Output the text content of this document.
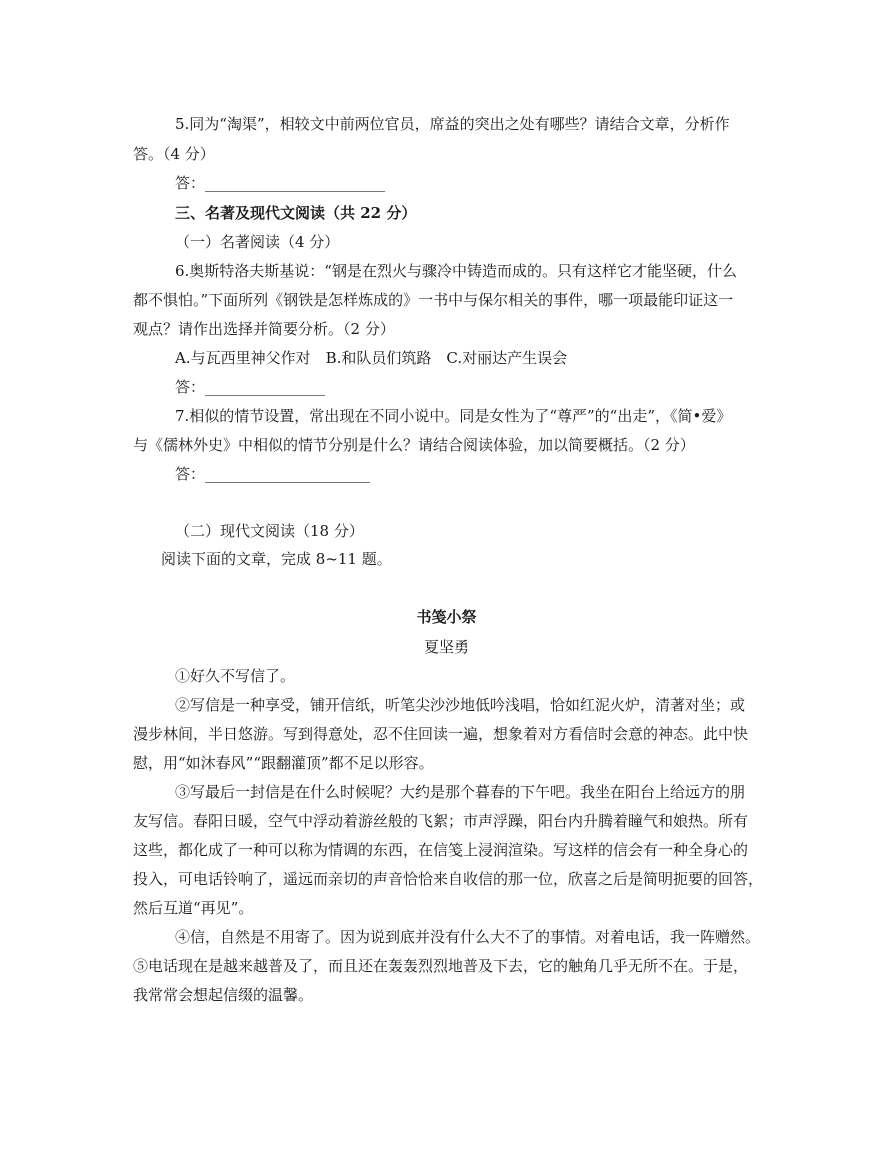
5.同为“淘渠”，相较文中前两位官员，席益的突出之处有哪些？请结合文章，分析作
答。（4 分）
答：________________________
三、名著及现代文阅读（共 22 分）
（一）名著阅读（4 分）
6.奥斯特洛夫斯基说：“钢是在烈火与骤冷中铸造而成的。只有这样它才能坚硬，什么
都不惧怕。”下面所列《钢铁是怎样炼成的》一书中与保尔相关的事件，哪一项最能印证这一
观点？请作出选择并简要分析。（2 分）
A.与瓦西里神父作对　B.和队员们筑路　C.对丽达产生误会
答：________________
7.相似的情节设置，常出现在不同小说中。同是女性为了“尊严”的“出走”，《简•爱》
与《儒林外史》中相似的情节分别是什么？请结合阅读体验，加以简要概括。（2 分）
答：______________________
（二）现代文阅读（18 分）
阅读下面的文章，完成 8~11 题。
书笺小祭
夏坚勇
①好久不写信了。
②写信是一种享受，铺开信纸，听笔尖沙沙地低吟浅唱，恰如红泥火炉，清著对坐；或
漫步林间，半日悠游。写到得意处，忍不住回读一遍，想象着对方看信时会意的神态。此中快
慰，用“如沐春风”“跟翻灌顶”都不足以形容。
③写最后一封信是在什么时候呢？大约是那个暮春的下午吧。我坐在阳台上给远方的朋
友写信。春阳日暖，空气中浮动着游丝般的飞絮；市声浮躁，阳台内升腾着瞳气和娘热。所有
这些，都化成了一种可以称为情调的东西，在信笺上浸润渲染。写这样的信会有一种全身心的
投入，可电话铃响了，遥远而亲切的声音恰恰来自收信的那一位，欣喜之后是简明扼要的回答，
然后互道“再见”。
④信，自然是不用寄了。因为说到底并没有什么大不了的事情。对着电话，我一阵赠然。
⑤电话现在是越来越普及了，而且还在轰轰烈烈地普及下去，它的触角几乎无所不在。于是，
我常常会想起信缀的温馨。
